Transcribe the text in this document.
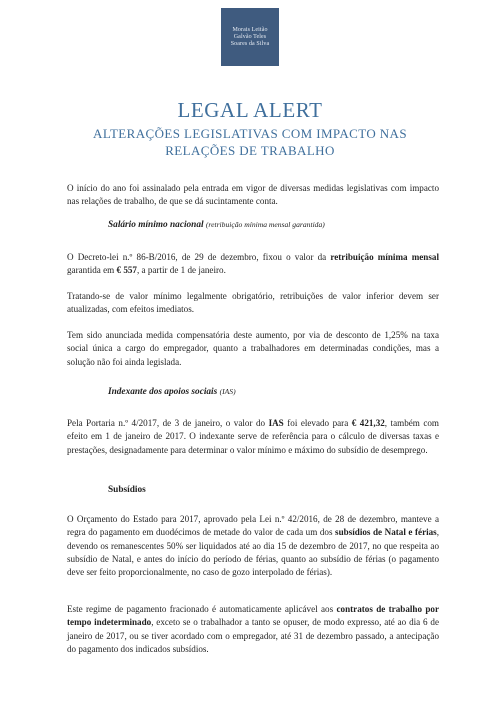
Morais Leitão
Galvão Teles
Soares da Silva
LEGAL ALERT
ALTERAÇÕES LEGISLATIVAS COM IMPACTO NAS
RELAÇÕES DE TRABALHO

O início do ano foi assinalado pela entrada em vigor de diversas medidas legislativas com impacto nas relações de trabalho, de que se dá sucintamente conta.

Salário mínimo nacional (retribuição mínima mensal garantida)

O Decreto-lei n.º 86-B/2016, de 29 de dezembro, fixou o valor da retribuição mínima mensal garantida em € 557, a partir de 1 de janeiro.

Tratando-se de valor mínimo legalmente obrigatório, retribuições de valor inferior devem ser atualizadas, com efeitos imediatos.

Tem sido anunciada medida compensatória deste aumento, por via de desconto de 1,25% na taxa social única a cargo do empregador, quanto a trabalhadores em determinadas condições, mas a solução não foi ainda legislada.

Indexante dos apoios sociais (IAS)

Pela Portaria n.º 4/2017, de 3 de janeiro, o valor do IAS foi elevado para € 421,32, também com efeito em 1 de janeiro de 2017. O indexante serve de referência para o cálculo de diversas taxas e prestações, designadamente para determinar o valor mínimo e máximo do subsídio de desemprego.

Subsídios

O Orçamento do Estado para 2017, aprovado pela Lei n.º 42/2016, de 28 de dezembro, manteve a regra do pagamento em duodécimos de metade do valor de cada um dos subsídios de Natal e férias, devendo os remanescentes 50% ser liquidados até ao dia 15 de dezembro de 2017, no que respeita ao subsídio de Natal, e antes do início do período de férias, quanto ao subsídio de férias (o pagamento deve ser feito proporcionalmente, no caso de gozo interpolado de férias).

Este regime de pagamento fracionado é automaticamente aplicável aos contratos de trabalho por tempo indeterminado, exceto se o trabalhador a tanto se opuser, de modo expresso, até ao dia 6 de janeiro de 2017, ou se tiver acordado com o empregador, até 31 de dezembro passado, a antecipação do pagamento dos indicados subsídios.
